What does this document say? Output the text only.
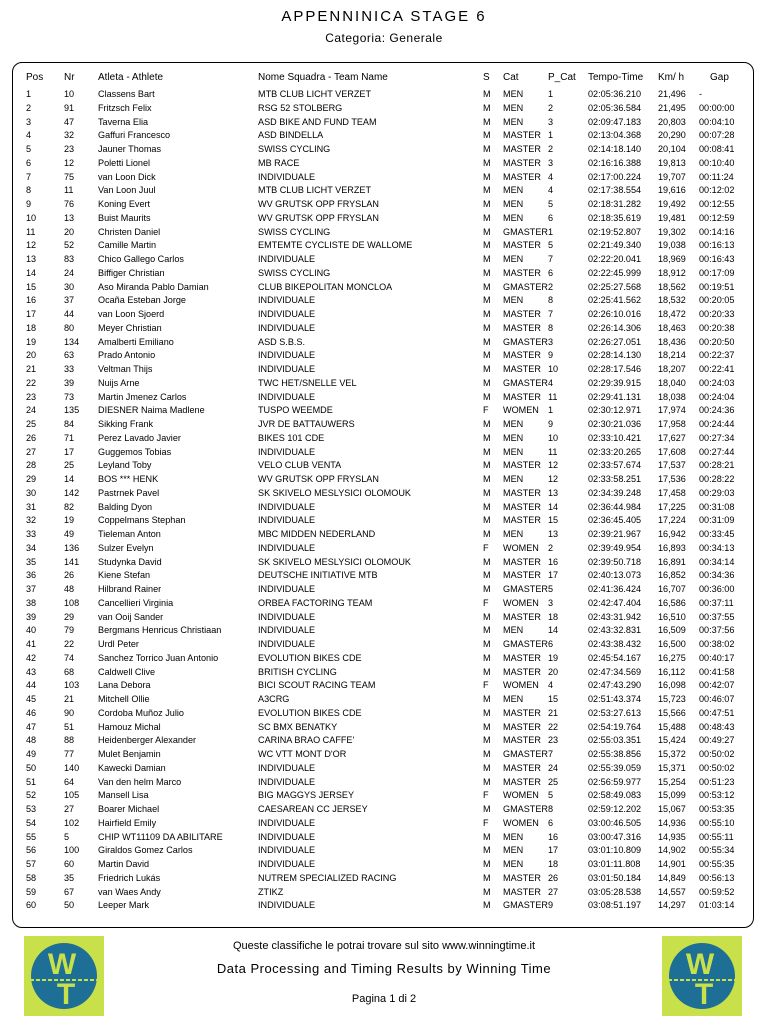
APPENNINICA STAGE 6
Categoria: Generale
Pos Nr Atleta - Athlete	Nome Squadra - Team Name	S Cat	P_Cat Tempo-Time Km/ h	Gap
1	10	Classens Bart	MTB CLUB LICHT VERZET	M MEN	1	02:05:36.210 21,496 -
2	91	Fritzsch Felix	RSG 52 STOLBERG	M MEN	2	02:05:36.584 21,495 00:00:00
3	47	Taverna Elia	ASD BIKE AND FUND TEAM	M MEN	3	02:09:47.183 20,803 00:04:10
4	32	Gaffuri Francesco	ASD BINDELLA	M MASTER 1	02:13:04.368 20,290 00:07:28
5	23	Jauner Thomas	SWISS CYCLING	M MASTER 2	02:14:18.140 20,104 00:08:41
6	12	Poletti Lionel	MB RACE	M MASTER 3	02:16:16.388 19,813 00:10:40
7	75	van Loon Dick	INDIVIDUALE	M MASTER 4	02:17:00.224 19,707 00:11:24
8	11	Van Loon Juul	MTB CLUB LICHT VERZET	M MEN	4	02:17:38.554 19,616 00:12:02
9	76	Koning Evert	WV GRUTSK OPP FRYSLAN	M MEN	5	02:18:31.282 19,492 00:12:55
10	13	Buist Maurits	WV GRUTSK OPP FRYSLAN	M MEN	6	02:18:35.619 19,481 00:12:59
11	20	Christen Daniel	SWISS CYCLING	M GMASTER1	02:19:52.807 19,302 00:14:16
12	52	Camille Martin	EMTEMTE CYCLISTE DE WALLOME	M MASTER 5	02:21:49.340 19,038 00:16:13
13	83	Chico Gallego Carlos	INDIVIDUALE	M MEN	7	02:22:20.041 18,969 00:16:43
14	24	Biffiger Christian	SWISS CYCLING	M MASTER 6	02:22:45.999 18,912 00:17:09
15	30	Aso Miranda Pablo Damian	CLUB BIKEPOLITAN MONCLOA	M GMASTER2	02:25:27.568 18,562 00:19:51
16	37	Ocaña Esteban Jorge	INDIVIDUALE	M MEN	8	02:25:41.562 18,532 00:20:05
17	44	van Loon Sjoerd	INDIVIDUALE	M MASTER 7	02:26:10.016 18,472 00:20:33
18	80	Meyer Christian	INDIVIDUALE	M MASTER 8	02:26:14.306 18,463 00:20:38
19	134 Amalberti Emiliano	ASD S.B.S.	M GMASTER3	02:26:27.051 18,436 00:20:50
20	63	Prado Antonio	INDIVIDUALE	M MASTER 9	02:28:14.130 18,214 00:22:37
21	33	Veltman Thijs	INDIVIDUALE	M MASTER 10	02:28:17.546 18,207 00:22:41
22	39	Nuijs Arne	TWC HET/SNELLE VEL	M GMASTER4	02:29:39.915 18,040 00:24:03
23	73	Martin Jmenez Carlos	INDIVIDUALE	M MASTER 11	02:29:41.131 18,038 00:24:04
24	135 DIESNER Naima Madlene	TUSPO WEEMDE	F WOMEN 1	02:30:12.971 17,974 00:24:36
25	84	Sikking Frank	JVR DE BATTAUWERS	M MEN	9	02:30:21.036 17,958 00:24:44
26	71	Perez Lavado Javier	BIKES 101 CDE	M MEN	10	02:33:10.421 17,627 00:27:34
27	17	Guggemos Tobias	INDIVIDUALE	M MEN	11	02:33:20.265 17,608 00:27:44
28	25	Leyland Toby	VELO CLUB VENTA	M MASTER 12	02:33:57.674 17,537 00:28:21
29	14	BOS *** HENK	WV GRUTSK OPP FRYSLAN	M MEN	12	02:33:58.251 17,536 00:28:22
30	142 Pastrnek Pavel	SK SKIVELO MESLYSICI OLOMOUK	M MASTER 13	02:34:39.248 17,458 00:29:03
31	82	Balding Dyon	INDIVIDUALE	M MASTER 14	02:36:44.984 17,225 00:31:08
32	19	Coppelmans Stephan	INDIVIDUALE	M MASTER 15	02:36:45.405 17,224 00:31:09
33	49	Tieleman Anton	MBC MIDDEN NEDERLAND	M MEN	13	02:39:21.967 16,942 00:33:45
34	136 Sulzer Evelyn	INDIVIDUALE	F WOMEN 2	02:39:49.954 16,893 00:34:13
35	141 Studynka David	SK SKIVELO MESLYSICI OLOMOUK	M MASTER 16	02:39:50.718 16,891 00:34:14
36	26	Kiene Stefan	DEUTSCHE INITIATIVE MTB	M MASTER 17	02:40:13.073 16,852 00:34:36
37	48	Hilbrand Rainer	INDIVIDUALE	M GMASTER5	02:41:36.424 16,707 00:36:00
38	108 Cancellieri Virginia	ORBEA FACTORING TEAM	F WOMEN 3	02:42:47.404 16,586 00:37:11
39	29	van Ooij Sander	INDIVIDUALE	M MASTER 18	02:43:31.942 16,510 00:37:55
40	79	Bergmans Henricus Christiaan	INDIVIDUALE	M MEN	14	02:43:32.831 16,509 00:37:56
41	22	Urdl Peter	INDIVIDUALE	M GMASTER6	02:43:38.432 16,500 00:38:02
42	74	Sanchez Torrico Juan Antonio	EVOLUTION BIKES CDE	M MASTER 19	02:45:54.167 16,275 00:40:17
43	68	Caldwell Clive	BRITISH CYCLING	M MASTER 20	02:47:34.569 16,112 00:41:58
44	103 Lana Debora	BICI SCOUT RACING TEAM	F WOMEN 4	02:47:43.290 16,098 00:42:07
45	21	Mitchell Ollie	A3CRG	M MEN	15	02:51:43.374 15,723 00:46:07
46	90	Cordoba Muñoz Julio	EVOLUTION BIKES CDE	M MASTER 21	02:53:27.613 15,566 00:47:51
47	51	Hamouz Michal	SC BMX BENATKY	M MASTER 22	02:54:19.764 15,488 00:48:43
48	88	Heidenberger Alexander	CARINA BRAO CAFFE'	M MASTER 23	02:55:03.351 15,424 00:49:27
49	77	Mulet Benjamin	WC VTT MONT D'OR	M GMASTER7	02:55:38.856 15,372 00:50:02
50	140 Kawecki Damian	INDIVIDUALE	M MASTER 24	02:55:39.059 15,371 00:50:02
51	64	Van den helm Marco	INDIVIDUALE	M MASTER 25	02:56:59.977 15,254 00:51:23
52	105 Mansell Lisa	BIG MAGGYS JERSEY	F WOMEN 5	02:58:49.083 15,099 00:53:12
53	27	Boarer Michael	CAESAREAN CC JERSEY	M GMASTER8	02:59:12.202 15,067 00:53:35
54	102 Hairfield Emily	INDIVIDUALE	F WOMEN 6	03:00:46.505 14,936 00:55:10
55	5	CHIP WT11109 DA ABILITARE	INDIVIDUALE	M MEN	16	03:00:47.316 14,935 00:55:11
56	100 Giraldos Gomez Carlos	INDIVIDUALE	M MEN	17	03:01:10.809 14,902 00:55:34
57	60	Martin David	INDIVIDUALE	M MEN	18	03:01:11.808 14,901 00:55:35
58	35	Friedrich Lukás	NUTREM SPECIALIZED RACING	M MASTER 26	03:01:50.184 14,849 00:56:13
59	67	van Waes Andy	ZTIKZ	M MASTER 27	03:05:28.538 14,557 00:59:52
60	50	Leeper Mark	INDIVIDUALE	M GMASTER9	03:08:51.197 14,297 01:03:14
W
T
W
T
Queste classifiche le potrai trovare sul sito www.winningtime.it
Data Processing and Timing Results by Winning Time
Pagina 1 di 2
